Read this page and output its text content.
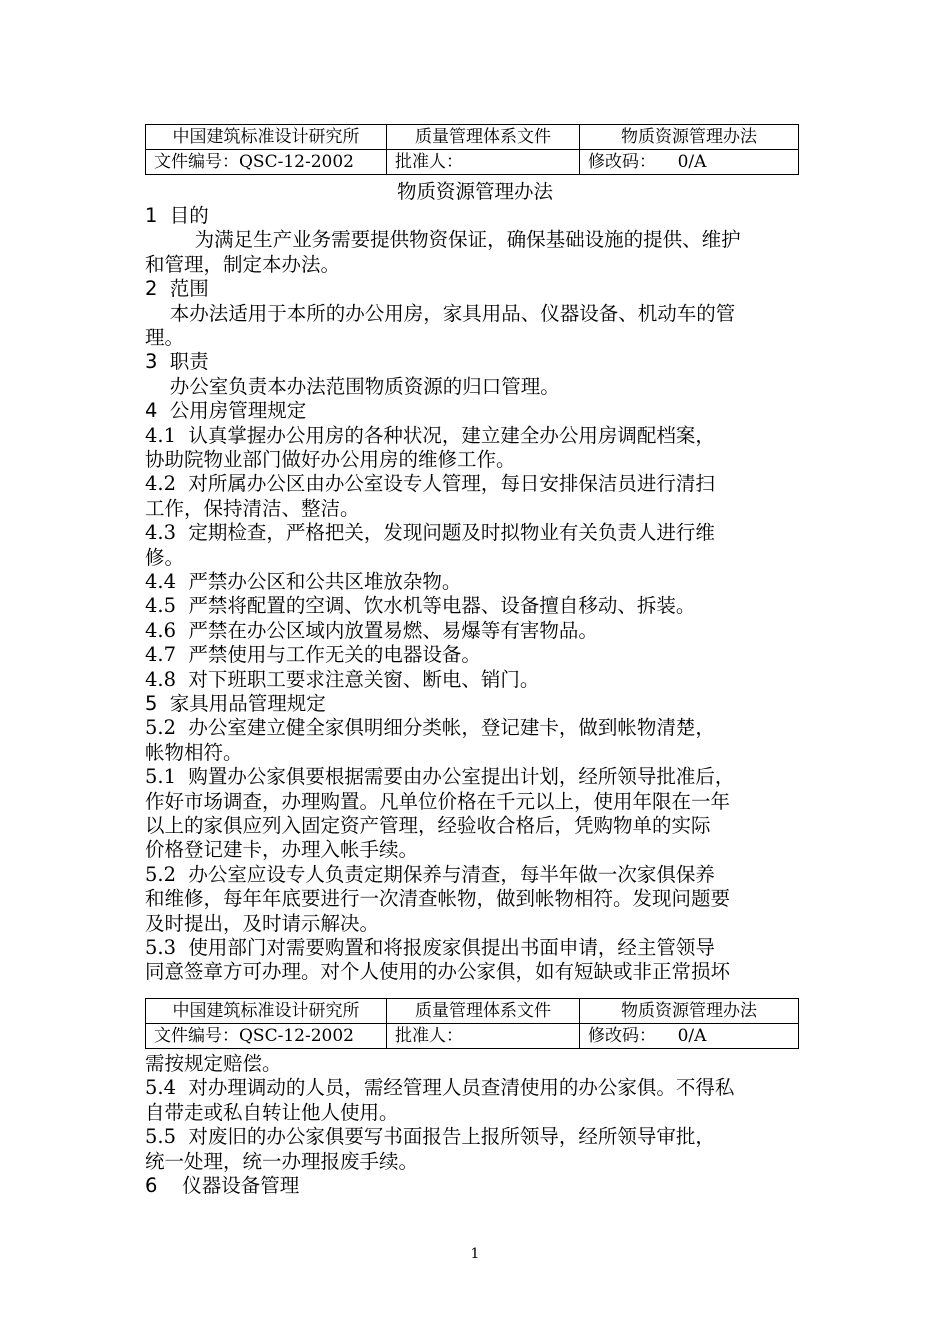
中国建筑标准设计研究所	质量管理体系文件	物质资源管理办法
文件编号：QSC-12-2002	批准人：	修改码：    0/A
物质资源管理办法
1  目的
为满足生产业务需要提供物资保证，确保基础设施的提供、维护
和管理，制定本办法。
2  范围
本办法适用于本所的办公用房，家具用品、仪器设备、机动车的管
理。
3  职责
办公室负责本办法范围物质资源的归口管理。
4  公用房管理规定
4.1  认真掌握办公用房的各种状况，建立建全办公用房调配档案，
协助院物业部门做好办公用房的维修工作。
4.2  对所属办公区由办公室设专人管理，每日安排保洁员进行清扫
工作，保持清洁、整洁。
4.3  定期检查，严格把关，发现问题及时拟物业有关负责人进行维
修。
4.4  严禁办公区和公共区堆放杂物。
4.5  严禁将配置的空调、饮水机等电器、设备擅自移动、拆装。
4.6  严禁在办公区域内放置易燃、易爆等有害物品。
4.7  严禁使用与工作无关的电器设备。
4.8  对下班职工要求注意关窗、断电、销门。
5  家具用品管理规定
5.2  办公室建立健全家俱明细分类帐，登记建卡，做到帐物清楚，
帐物相符。
5.1  购置办公家俱要根据需要由办公室提出计划，经所领导批准后，
作好市场调查，办理购置。凡单位价格在千元以上，使用年限在一年
以上的家俱应列入固定资产管理，经验收合格后，凭购物单的实际
价格登记建卡，办理入帐手续。
5.2  办公室应设专人负责定期保养与清查，每半年做一次家俱保养
和维修，每年年底要进行一次清查帐物，做到帐物相符。发现问题要
及时提出，及时请示解决。
5.3  使用部门对需要购置和将报废家俱提出书面申请，经主管领导
同意签章方可办理。对个人使用的办公家俱，如有短缺或非正常损坏
中国建筑标准设计研究所	质量管理体系文件	物质资源管理办法
文件编号：QSC-12-2002	批准人：	修改码：    0/A
需按规定赔偿。
5.4  对办理调动的人员，需经管理人员查清使用的办公家俱。不得私
自带走或私自转让他人使用。
5.5  对废旧的办公家俱要写书面报告上报所领导，经所领导审批，
统一处理，统一办理报废手续。
6    仪器设备管理
1
